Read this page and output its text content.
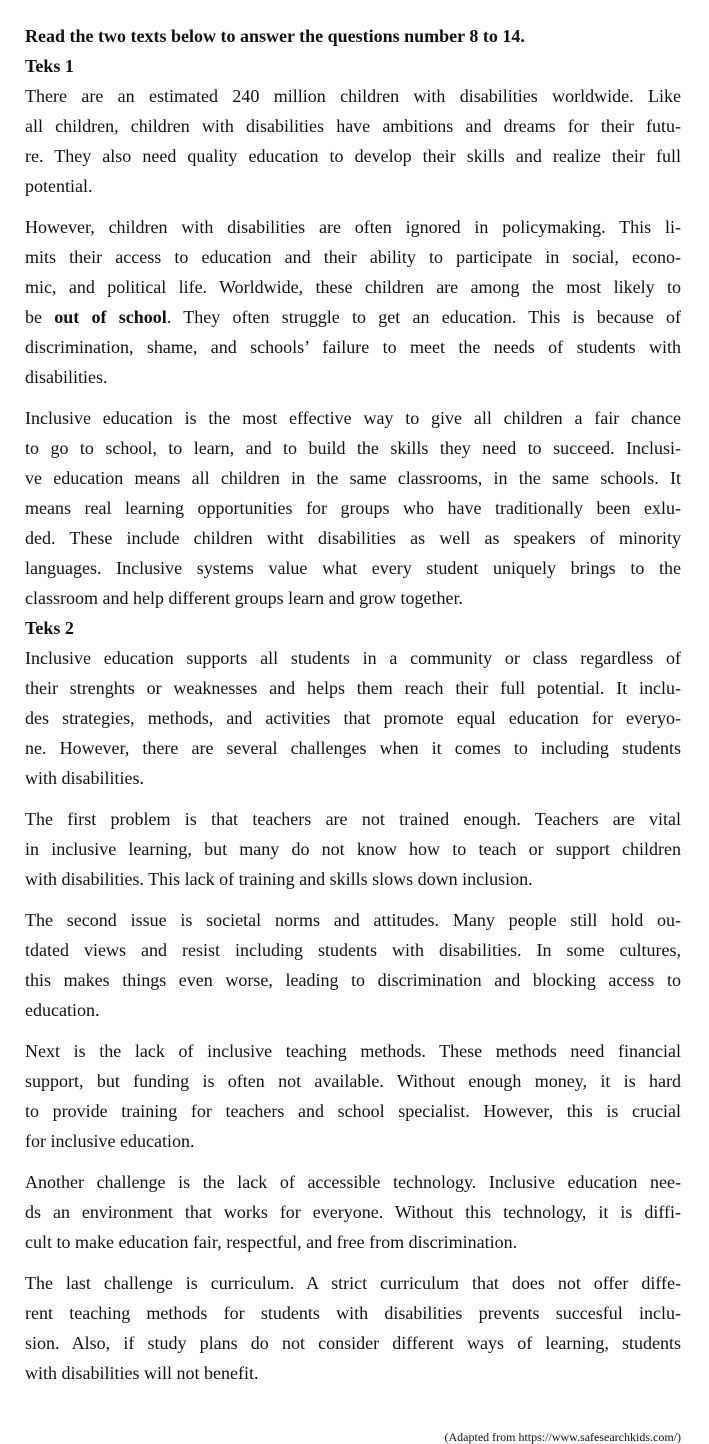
Read the two texts below to answer the questions number 8 to 14.
Teks 1
There are an estimated 240 million children with disabilities worldwide. Like
all children, children with disabilities have ambitions and dreams for their futu-
re. They also need quality education to develop their skills and realize their full
potential.
However, children with disabilities are often ignored in policymaking. This li-
mits their access to education and their ability to participate in social, econo-
mic, and political life. Worldwide, these children are among the most likely to
be out of school. They often struggle to get an education. This is because of
discrimination, shame, and schools’ failure to meet the needs of students with
disabilities.
Inclusive education is the most effective way to give all children a fair chance
to go to school, to learn, and to build the skills they need to succeed. Inclusi-
ve education means all children in the same classrooms, in the same schools. It
means real learning opportunities for groups who have traditionally been exlu-
ded. These include children witht disabilities as well as speakers of minority
languages. Inclusive systems value what every student uniquely brings to the
classroom and help different groups learn and grow together.
Teks 2
Inclusive education supports all students in a community or class regardless of
their strenghts or weaknesses and helps them reach their full potential. It inclu-
des strategies, methods, and activities that promote equal education for everyo-
ne. However, there are several challenges when it comes to including students
with disabilities.
The first problem is that teachers are not trained enough. Teachers are vital
in inclusive learning, but many do not know how to teach or support children
with disabilities. This lack of training and skills slows down inclusion.
The second issue is societal norms and attitudes. Many people still hold ou-
tdated views and resist including students with disabilities. In some cultures,
this makes things even worse, leading to discrimination and blocking access to
education.
Next is the lack of inclusive teaching methods. These methods need financial
support, but funding is often not available. Without enough money, it is hard
to provide training for teachers and school specialist. However, this is crucial
for inclusive education.
Another challenge is the lack of accessible technology. Inclusive education nee-
ds an environment that works for everyone. Without this technology, it is diffi-
cult to make education fair, respectful, and free from discrimination.
The last challenge is curriculum. A strict curriculum that does not offer diffe-
rent teaching methods for students with disabilities prevents succesful inclu-
sion. Also, if study plans do not consider different ways of learning, students
with disabilities will not benefit.
(Adapted from https://www.safesearchkids.com/)
